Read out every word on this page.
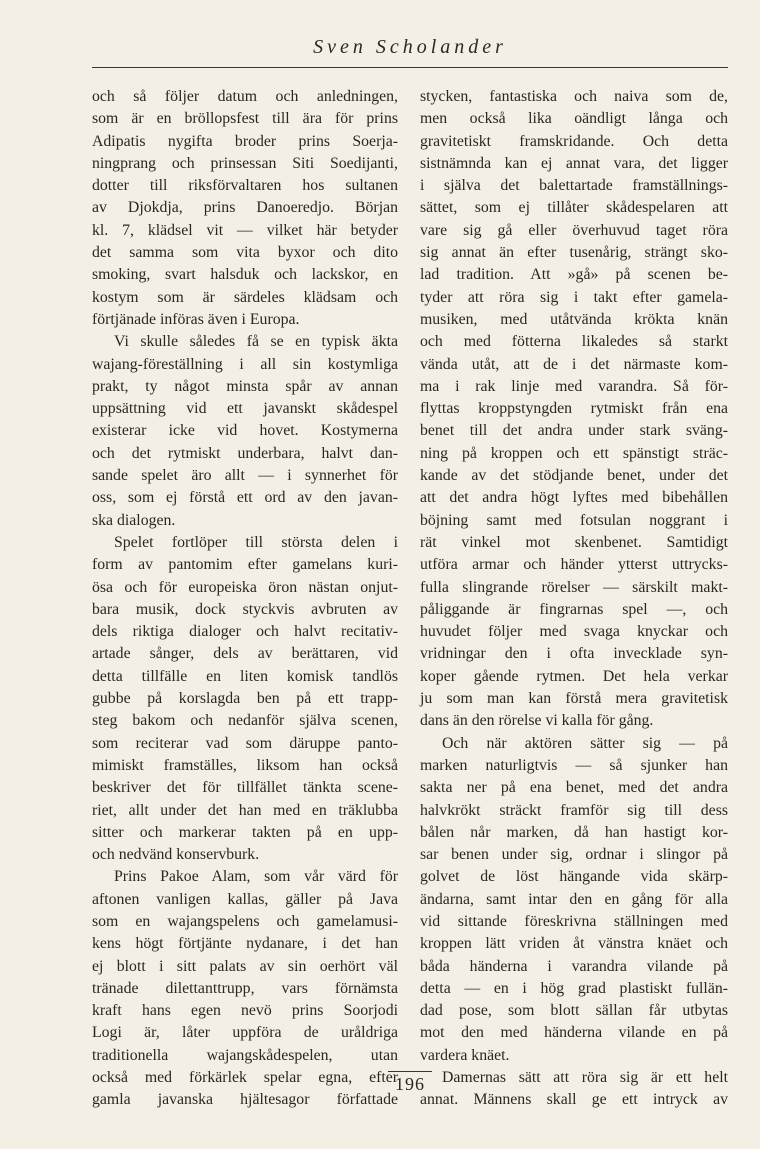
Sven Scholander
och så följer datum och anledningen,
som är en bröllopsfest till ära för prins
Adipatis nygifta broder prins Soerja-
ningprang och prinsessan Siti Soedijanti,
dotter till riksförvaltaren hos sultanen
av Djokdja, prins Danoeredjo. Början
kl. 7, klädsel vit — vilket här betyder
det samma som vita byxor och dito
smoking, svart halsduk och lackskor, en
kostym som är särdeles klädsam och
förtjänade införas även i Europa.
Vi skulle således få se en typisk äkta
wajang-föreställning i all sin kostymliga
prakt, ty något minsta spår av annan
uppsättning vid ett javanskt skådespel
existerar icke vid hovet. Kostymerna
och det rytmiskt underbara, halvt dan-
sande spelet äro allt — i synnerhet för
oss, som ej förstå ett ord av den javan-
ska dialogen.
Spelet fortlöper till största delen i
form av pantomim efter gamelans kuri-
ösa och för europeiska öron nästan onjut-
bara musik, dock styckvis avbruten av
dels riktiga dialoger och halvt recitativ-
artade sånger, dels av berättaren, vid
detta tillfälle en liten komisk tandlös
gubbe på korslagda ben på ett trapp-
steg bakom och nedanför själva scenen,
som reciterar vad som däruppe panto-
mimiskt framställes, liksom han också
beskriver det för tillfället tänkta scene-
riet, allt under det han med en träklubba
sitter och markerar takten på en upp-
och nedvänd konservburk.
Prins Pakoe Alam, som vår värd för
aftonen vanligen kallas, gäller på Java
som en wajangspelens och gamelamusi-
kens högt förtjänte nydanare, i det han
ej blott i sitt palats av sin oerhört väl
tränade dilettanttrupp, vars förnämsta
kraft hans egen nevö prins Soorjodi
Logi är, låter uppföra de uråldriga
traditionella wajangskådespelen, utan
också med förkärlek spelar egna, efter
gamla javanska hjältesagor författade
stycken, fantastiska och naiva som de,
men också lika oändligt långa och
gravitetiskt framskridande. Och detta
sistnämnda kan ej annat vara, det ligger
i själva det balettartade framställnings-
sättet, som ej tillåter skådespelaren att
vare sig gå eller överhuvud taget röra
sig annat än efter tusenårig, strängt sko-
lad tradition. Att »gå» på scenen be-
tyder att röra sig i takt efter gamela-
musiken, med utåtvända krökta knän
och med fötterna likaledes så starkt
vända utåt, att de i det närmaste kom-
ma i rak linje med varandra. Så för-
flyttas kroppstyngden rytmiskt från ena
benet till det andra under stark sväng-
ning på kroppen och ett spänstigt sträc-
kande av det stödjande benet, under det
att det andra högt lyftes med bibehållen
böjning samt med fotsulan noggrant i
rät vinkel mot skenbenet. Samtidigt
utföra armar och händer ytterst uttrycks-
fulla slingrande rörelser — särskilt makt-
påliggande är fingrarnas spel —, och
huvudet följer med svaga knyckar och
vridningar den i ofta invecklade syn-
koper gående rytmen. Det hela verkar
ju som man kan förstå mera gravitetisk
dans än den rörelse vi kalla för gång.
Och när aktören sätter sig — på
marken naturligtvis — så sjunker han
sakta ner på ena benet, med det andra
halvkrökt sträckt framför sig till dess
bålen når marken, då han hastigt kor-
sar benen under sig, ordnar i slingor på
golvet de löst hängande vida skärp-
ändarna, samt intar den en gång för alla
vid sittande föreskrivna ställningen med
kroppen lätt vriden åt vänstra knäet och
båda händerna i varandra vilande på
detta — en i hög grad plastiskt fullän-
dad pose, som blott sällan får utbytas
mot den med händerna vilande en på
vardera knäet.
Damernas sätt att röra sig är ett helt
annat. Männens skall ge ett intryck av
196
